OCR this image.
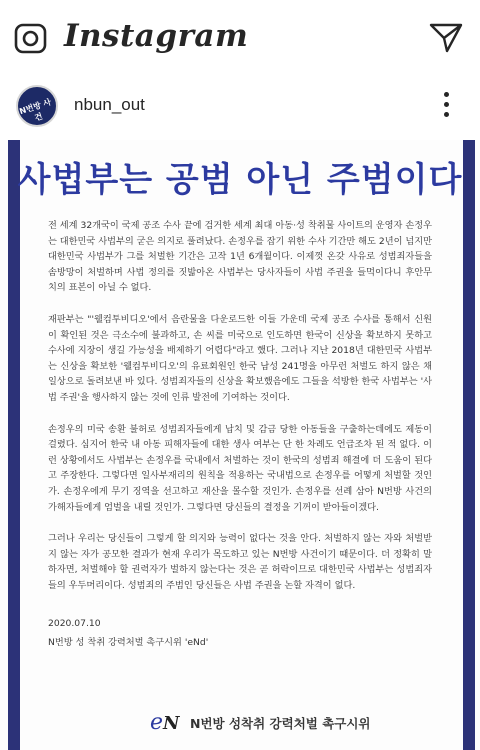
Instagram
N번방 사건
nbun_out
사법부는 공범 아닌 주범이다

전 세계 32개국이 국제 공조 수사 끝에 검거한 세계 최대 아동·성 착취물 사이트의 운영자 손정우는 대한민국 사법부의 굳은 의지로 풀려났다. 손정우를 잡기 위한 수사 기간만 해도 2년이 넘지만 대한민국 사법부가 그를 처벌한 기간은 고작 1년 6개월이다. 이제껏 온갖 사유로 성범죄자들을 솜방망이 처벌하며 사법 정의를 짓밟아온 사법부는 당사자들이 사법 주권을 들먹이다니 후안무치의 표본이 아닐 수 없다.

재판부는 "'웰컴투비디오'에서 음란물을 다운로드한 이들 가운데 국제 공조 수사를 통해서 신원이 확인된 것은 극소수에 불과하고, 손 씨를 미국으로 인도하면 한국이 신상을 확보하지 못하고 수사에 지장이 생길 가능성을 배제하기 어렵다"라고 했다. 그러나 지난 2018년 대한민국 사법부는 신상을 확보한 '웰컴투비디오'의 유료회원인 한국 남성 241명을 아무런 처벌도 하지 않은 채 일상으로 돌려보낸 바 있다. 성범죄자들의 신상을 확보했음에도 그들을 석방한 한국 사법부는 '사법 주권'을 행사하지 않는 것에 인류 발전에 기여하는 것이다.

손정우의 미국 송환 불허로 성범죄자들에게 납치 및 감금 당한 아동들을 구출하는데에도 제동이 걸렸다. 심지어 한국 내 아동 피해자들에 대한 생사 여부는 단 한 차례도 언급조차 된 적 없다. 이런 상황에서도 사법부는 손정우를 국내에서 처벌하는 것이 한국의 성범죄 해결에 더 도움이 된다고 주장한다. 그렇다면 일사부재리의 원칙을 적용하는 국내법으로 손정우를 어떻게 처벌할 것인가. 손정우에게 무기 징역을 선고하고 재산을 몰수할 것인가. 손정우를 선례 삼아 N번방 사건의 가해자들에게 엄벌을 내릴 것인가. 그렇다면 당신들의 결정을 기꺼이 받아들이겠다.

그러나 우리는 당신들이 그렇게 할 의지와 능력이 없다는 것을 안다. 처벌하지 않는 자와 처벌받지 않는 자가 공모한 결과가 현재 우리가 목도하고 있는 N번방 사건이기 때문이다. 더 정확히 말하자면, 처벌해야 할 권력자가 벌하지 않는다는 것은 곧 허락이므로 대한민국 사법부는 성범죄자들의 우두머리이다. 성범죄의 주범인 당신들은 사법 주권을 논할 자격이 없다.

2020.07.10
N번방 성 착취 강력처벌 촉구시위 'eNd'
e N N번방 성착취 강력처벌 촉구시위
